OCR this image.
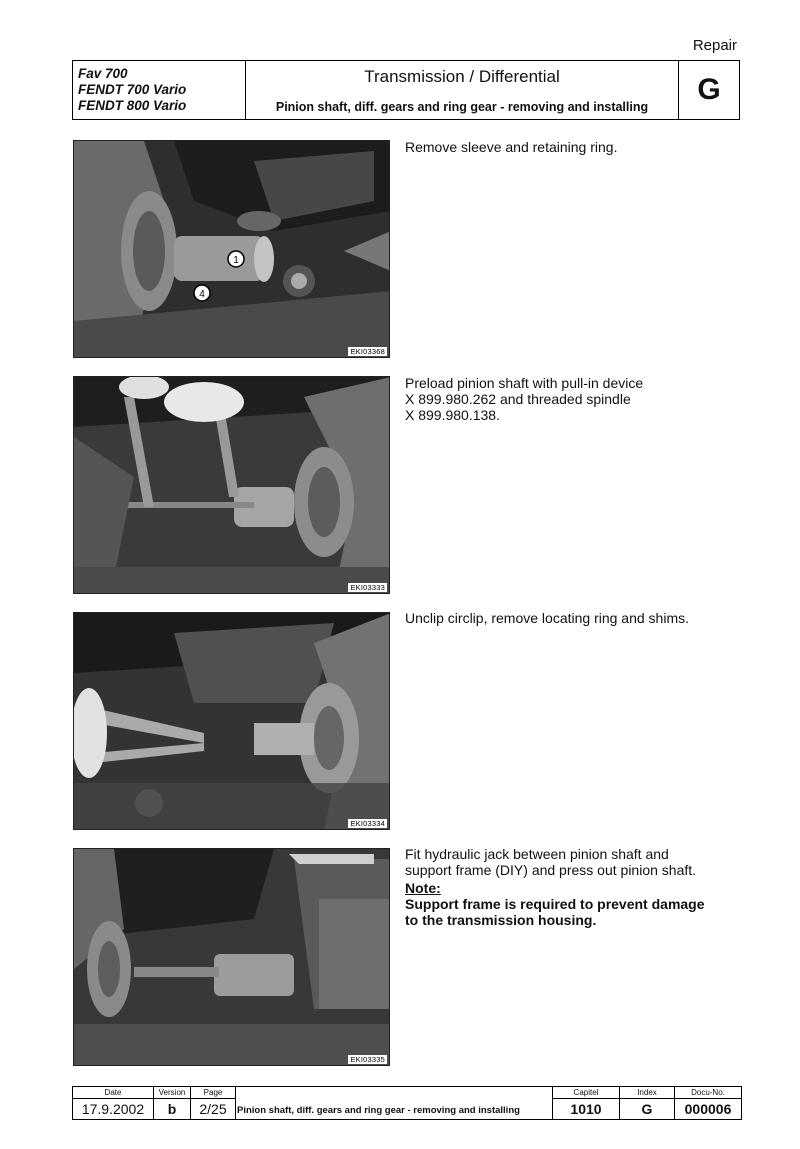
Repair
Fav 700
FENDT 700 Vario
FENDT 800 Vario
Transmission / Differential
Pinion shaft, diff. gears and ring gear - removing and installing
G
1
4
EKI03368

Remove sleeve and retaining ring.

EKI03333

Preload pinion shaft with pull-in device

X 899.980.262 and threaded spindle

X 899.980.138.

EKI03334

Unclip circlip, remove locating ring and shims.

EKI03335

Fit hydraulic jack between pinion shaft and

support frame (DIY) and press out pinion shaft.

Note:

Support frame is required to prevent damage

to the transmission housing.

Date	Version	Page	Pinion shaft, diff. gears and ring gear - removing and installing	Capitel	Index	Docu-No.
17.9.2002	b	2/25		1010	G	000006
